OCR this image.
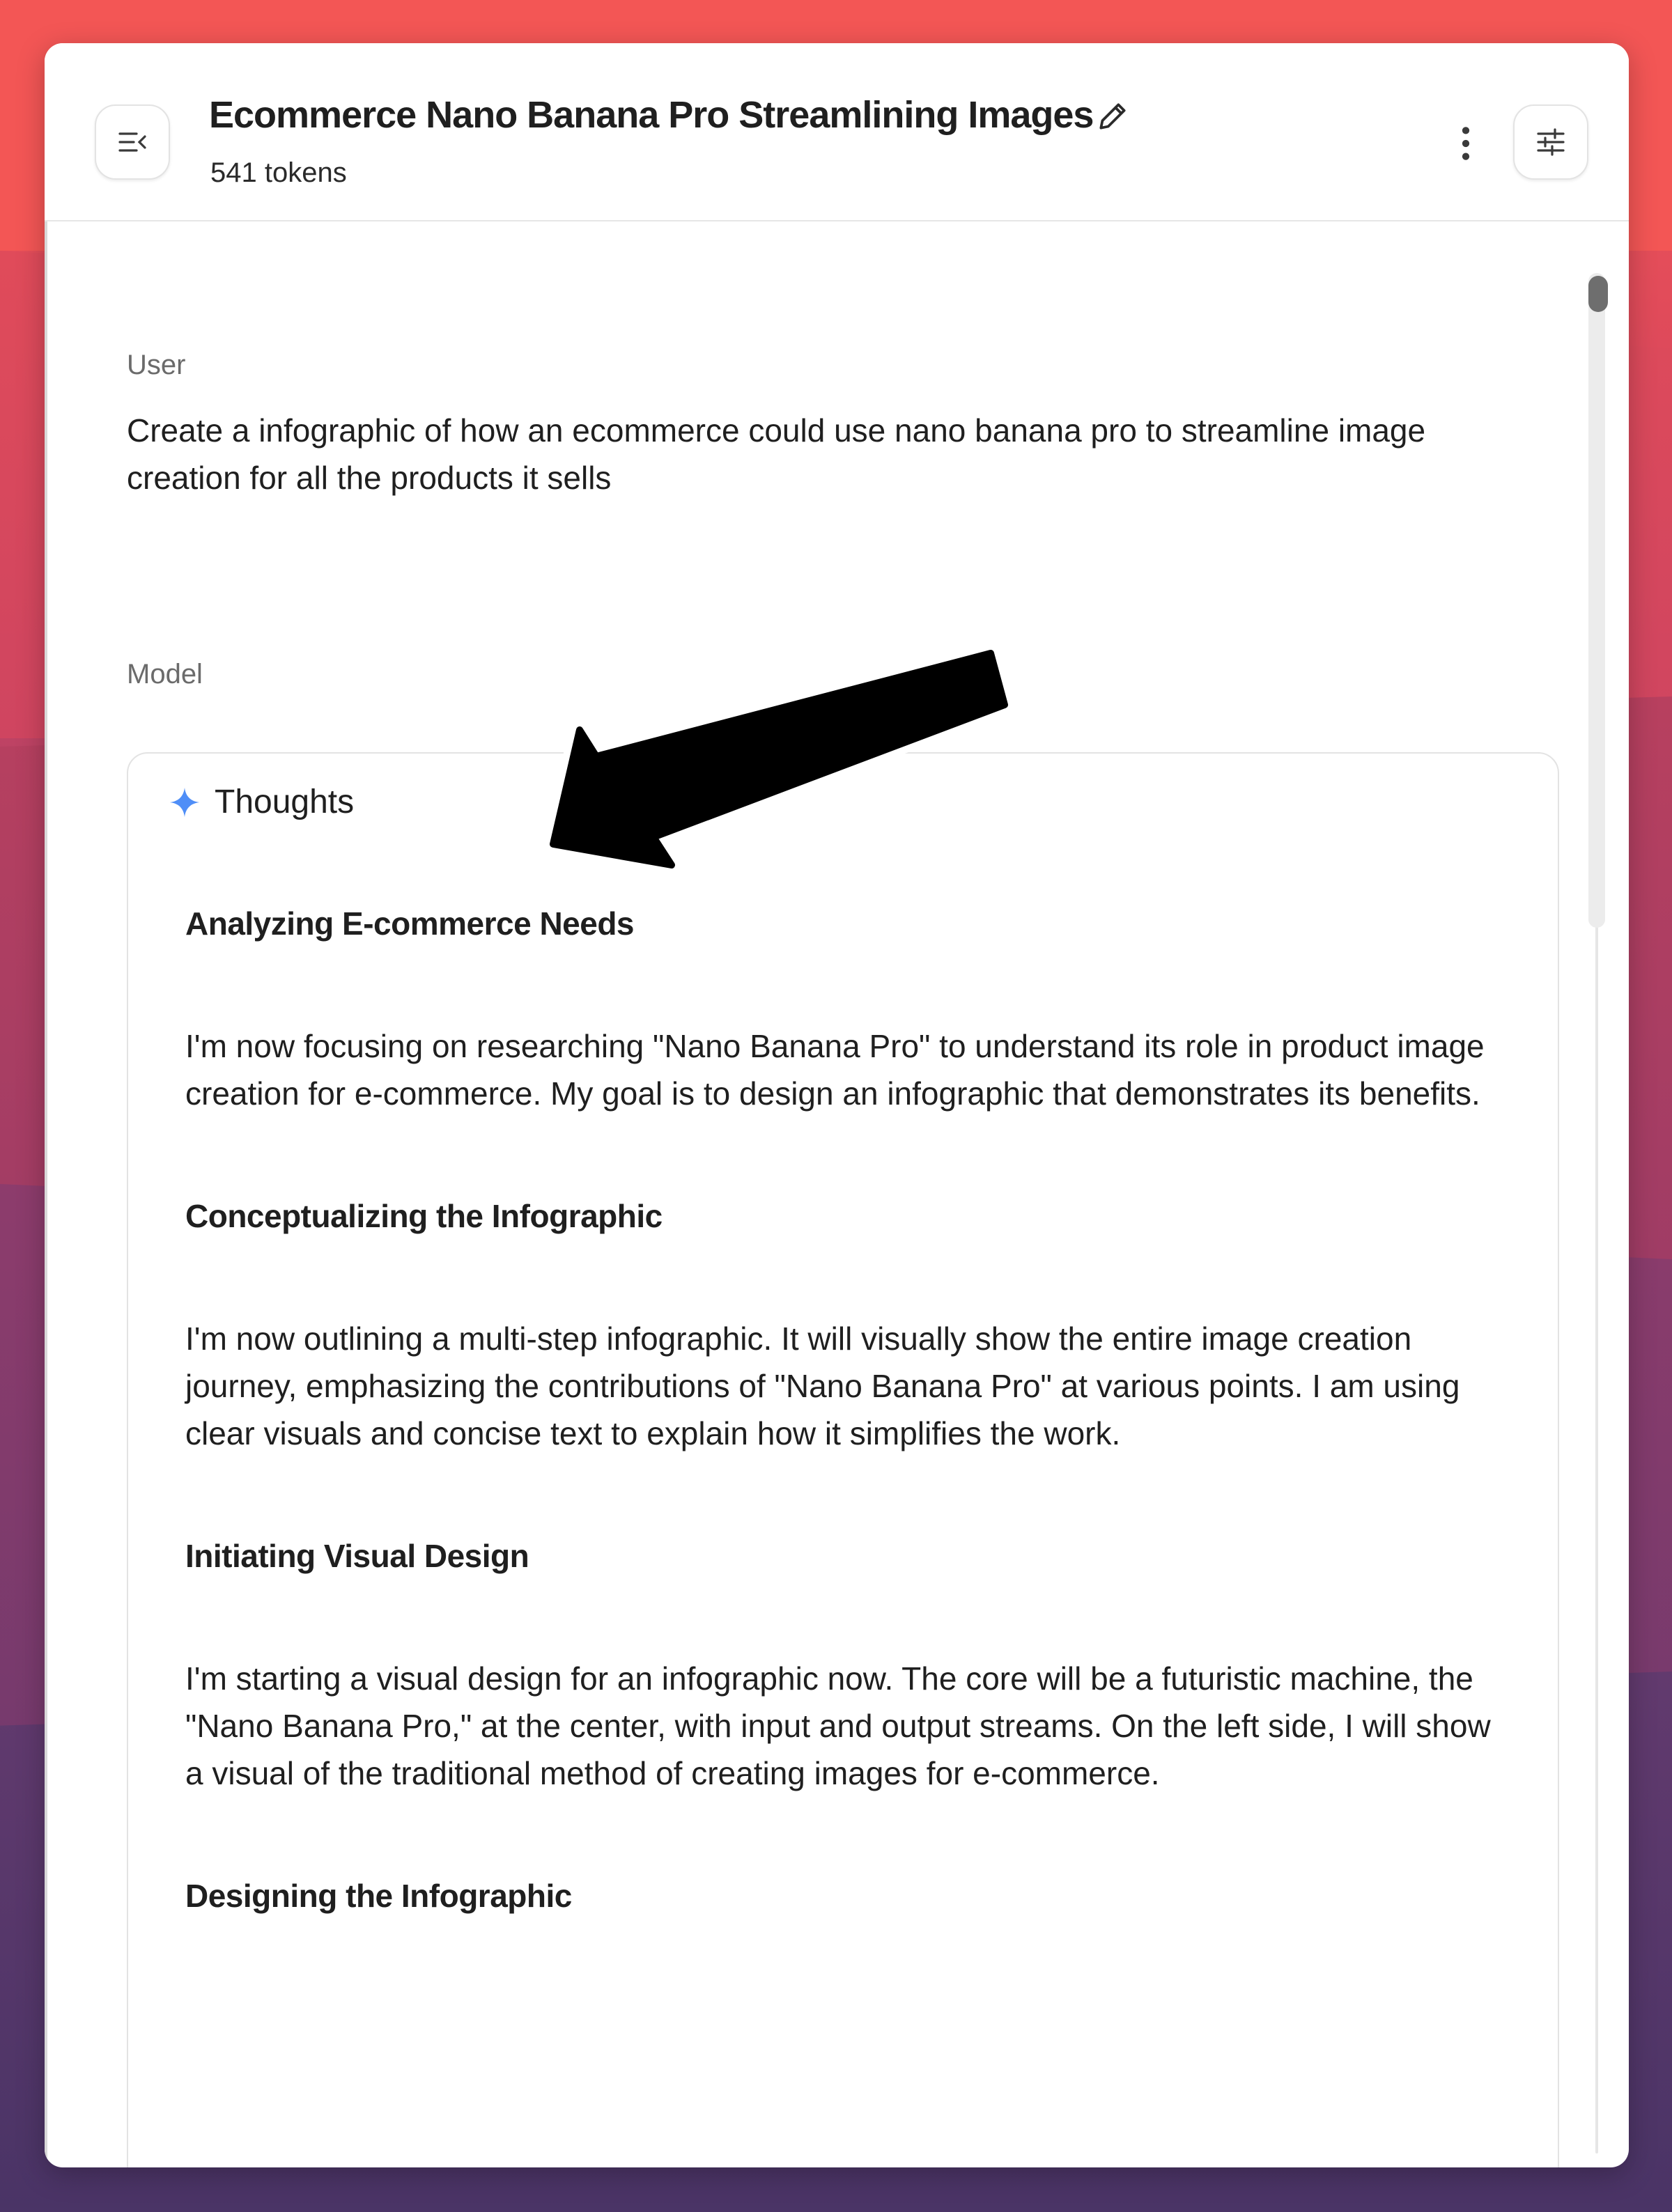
Ecommerce Nano Banana Pro Streamlining Images
541 tokens
User
Create a infographic of how an ecommerce could use nano banana pro to streamline image creation for all the products it sells
Model
Thoughts

Analyzing E-commerce Needs

I'm now focusing on researching "Nano Banana Pro" to understand its role in product image creation for e-commerce. My goal is to design an infographic that demonstrates its benefits.

Conceptualizing the Infographic

I'm now outlining a multi-step infographic. It will visually show the entire image creation journey, emphasizing the contributions of "Nano Banana Pro" at various points. I am using clear visuals and concise text to explain how it simplifies the work.

Initiating Visual Design

I'm starting a visual design for an infographic now. The core will be a futuristic machine, the "Nano Banana Pro," at the center, with input and output streams. On the left side, I will show a visual of the traditional method of creating images for e-commerce.

Designing the Infographic
